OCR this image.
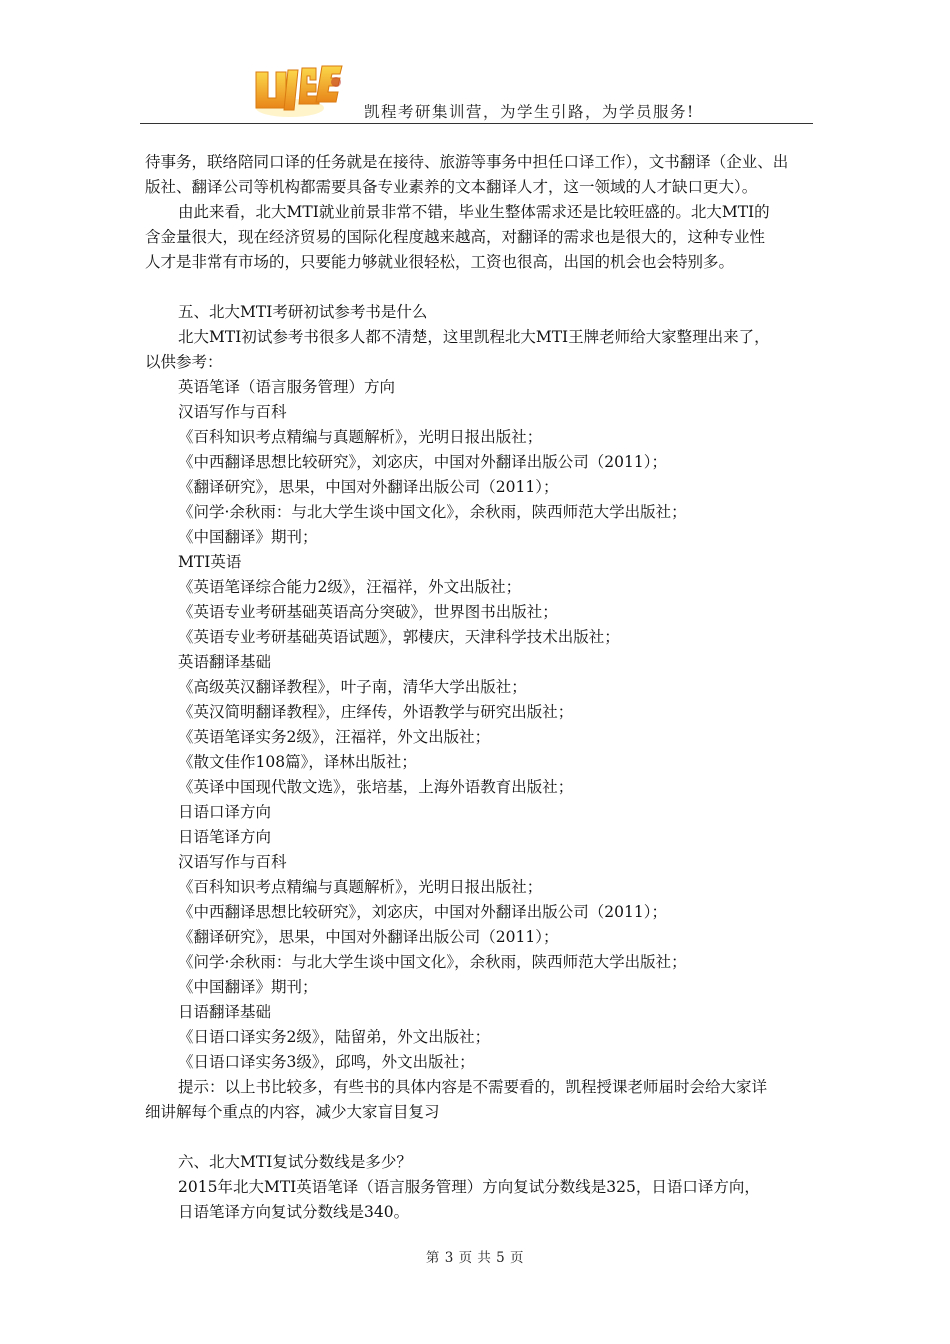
凯程考研集训营，为学生引路，为学员服务!
待事务，联络陪同口译的任务就是在接待、旅游等事务中担任口译工作），文书翻译（企业、出
版社、翻译公司等机构都需要具备专业素养的文本翻译人才，这一领域的人才缺口更大）。
由此来看，北大MTI就业前景非常不错，毕业生整体需求还是比较旺盛的。北大MTI的
含金量很大，现在经济贸易的国际化程度越来越高，对翻译的需求也是很大的，这种专业性
人才是非常有市场的，只要能力够就业很轻松，工资也很高，出国的机会也会特别多。
五、北大MTI考研初试参考书是什么
北大MTI初试参考书很多人都不清楚，这里凯程北大MTI王牌老师给大家整理出来了，
以供参考：
英语笔译（语言服务管理）方向
汉语写作与百科
《百科知识考点精编与真题解析》，光明日报出版社；
《中西翻译思想比较研究》，刘宓庆，中国对外翻译出版公司（2011）；
《翻译研究》，思果，中国对外翻译出版公司（2011）；
《问学·余秋雨：与北大学生谈中国文化》，余秋雨，陕西师范大学出版社；
《中国翻译》期刊；
MTI英语
《英语笔译综合能力2级》，汪福祥，外文出版社；
《英语专业考研基础英语高分突破》，世界图书出版社；
《英语专业考研基础英语试题》，郭棲庆，天津科学技术出版社；
英语翻译基础
《高级英汉翻译教程》，叶子南，清华大学出版社；
《英汉简明翻译教程》，庄绎传，外语教学与研究出版社；
《英语笔译实务2级》，汪福祥，外文出版社；
《散文佳作108篇》，译林出版社；
《英译中国现代散文选》，张培基，上海外语教育出版社；
日语口译方向
日语笔译方向
汉语写作与百科
《百科知识考点精编与真题解析》，光明日报出版社；
《中西翻译思想比较研究》，刘宓庆，中国对外翻译出版公司（2011）；
《翻译研究》，思果，中国对外翻译出版公司（2011）；
《问学·余秋雨：与北大学生谈中国文化》，余秋雨，陕西师范大学出版社；
《中国翻译》期刊；
日语翻译基础
《日语口译实务2级》，陆留弟，外文出版社；
《日语口译实务3级》，邱鸣，外文出版社；
提示：以上书比较多，有些书的具体内容是不需要看的，凯程授课老师届时会给大家详
细讲解每个重点的内容，减少大家盲目复习
六、北大MTI复试分数线是多少？
2015年北大MTI英语笔译（语言服务管理）方向复试分数线是325，日语口译方向，
日语笔译方向复试分数线是340。
第 3 页 共 5 页
